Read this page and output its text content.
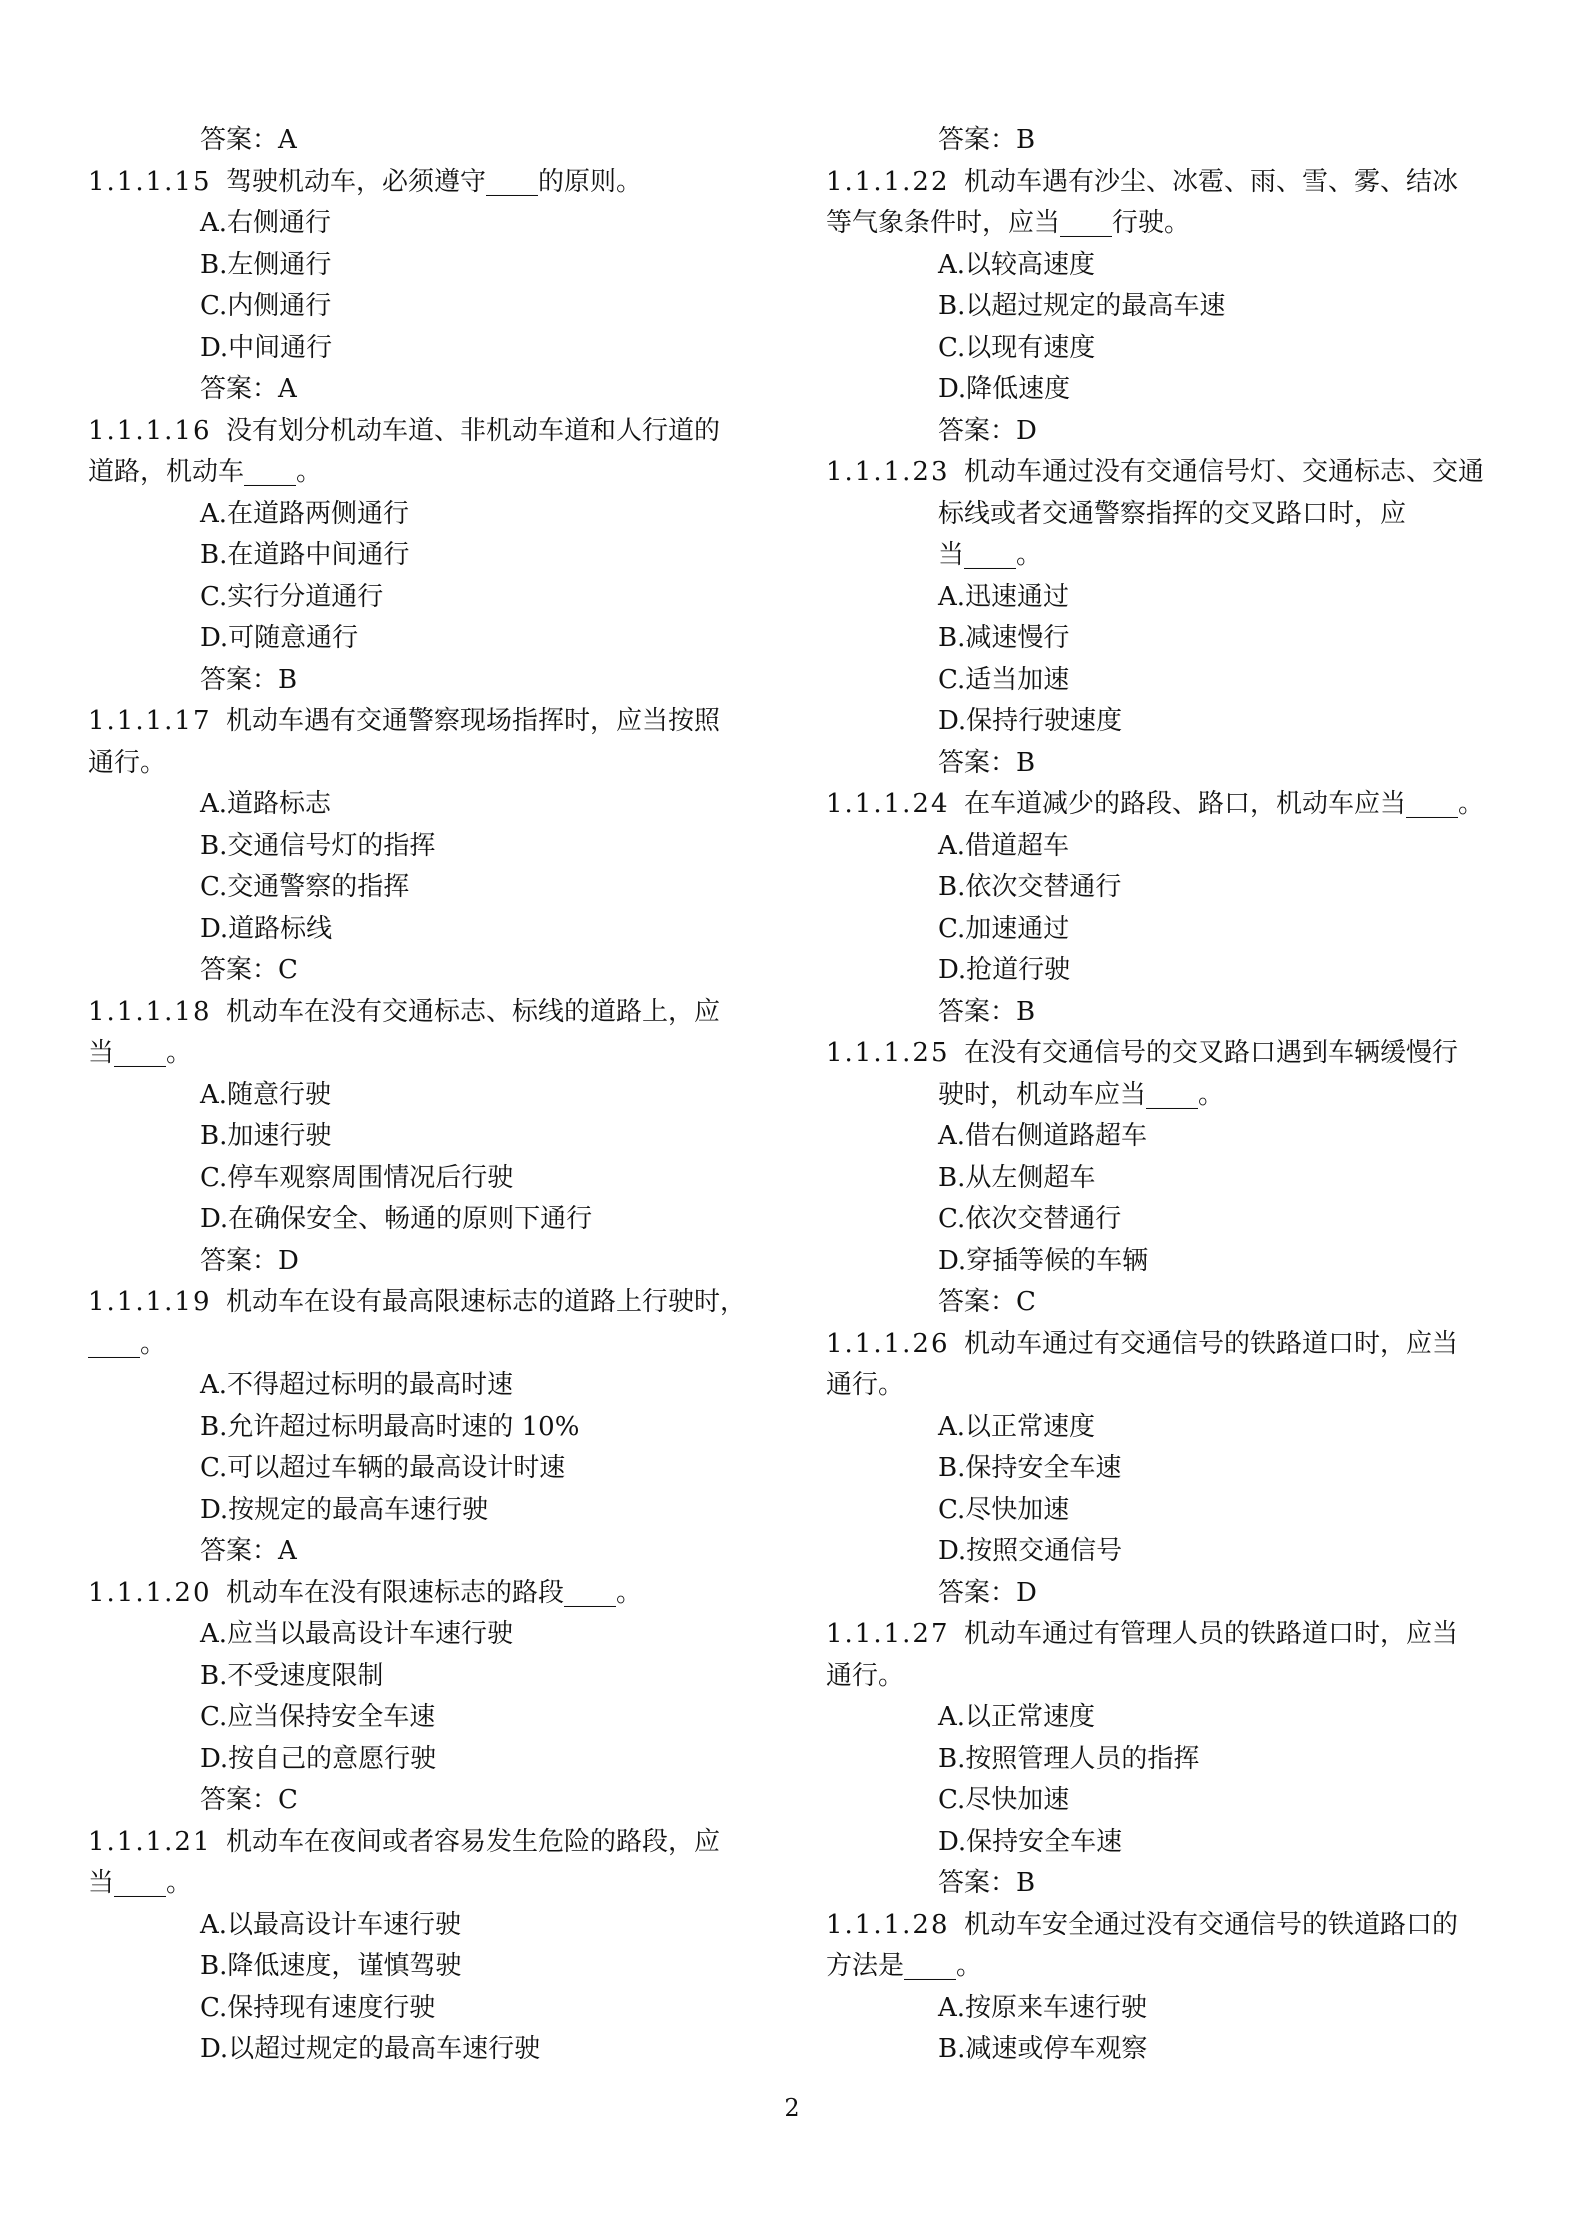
答案：A
1.1.1.15 驾驶机动车，必须遵守____的原则。
A.右侧通行
B.左侧通行
C.内侧通行
D.中间通行
答案：A
1.1.1.16 没有划分机动车道、非机动车道和人行道的
道路，机动车____。
A.在道路两侧通行
B.在道路中间通行
C.实行分道通行
D.可随意通行
答案：B
1.1.1.17 机动车遇有交通警察现场指挥时，应当按照
通行。
A.道路标志
B.交通信号灯的指挥
C.交通警察的指挥
D.道路标线
答案：C
1.1.1.18 机动车在没有交通标志、标线的道路上，应
当____。
A.随意行驶
B.加速行驶
C.停车观察周围情况后行驶
D.在确保安全、畅通的原则下通行
答案：D
1.1.1.19 机动车在设有最高限速标志的道路上行驶时，
____。
A.不得超过标明的最高时速
B.允许超过标明最高时速的 10%
C.可以超过车辆的最高设计时速
D.按规定的最高车速行驶
答案：A
1.1.1.20 机动车在没有限速标志的路段____。
A.应当以最高设计车速行驶
B.不受速度限制
C.应当保持安全车速
D.按自己的意愿行驶
答案：C
1.1.1.21 机动车在夜间或者容易发生危险的路段，应
当____。
A.以最高设计车速行驶
B.降低速度，谨慎驾驶
C.保持现有速度行驶
D.以超过规定的最高车速行驶
答案：B
1.1.1.22 机动车遇有沙尘、冰雹、雨、雪、雾、结冰
等气象条件时，应当____行驶。
A.以较高速度
B.以超过规定的最高车速
C.以现有速度
D.降低速度
答案：D
1.1.1.23 机动车通过没有交通信号灯、交通标志、交通
标线或者交通警察指挥的交叉路口时，应
当____。
A.迅速通过
B.减速慢行
C.适当加速
D.保持行驶速度
答案：B
1.1.1.24 在车道减少的路段、路口，机动车应当____。
A.借道超车
B.依次交替通行
C.加速通过
D.抢道行驶
答案：B
1.1.1.25 在没有交通信号的交叉路口遇到车辆缓慢行
驶时，机动车应当____。
A.借右侧道路超车
B.从左侧超车
C.依次交替通行
D.穿插等候的车辆
答案：C
1.1.1.26 机动车通过有交通信号的铁路道口时，应当
通行。
A.以正常速度
B.保持安全车速
C.尽快加速
D.按照交通信号
答案：D
1.1.1.27 机动车通过有管理人员的铁路道口时，应当
通行。
A.以正常速度
B.按照管理人员的指挥
C.尽快加速
D.保持安全车速
答案：B
1.1.1.28 机动车安全通过没有交通信号的铁道路口的
方法是____。
A.按原来车速行驶
B.减速或停车观察
2
